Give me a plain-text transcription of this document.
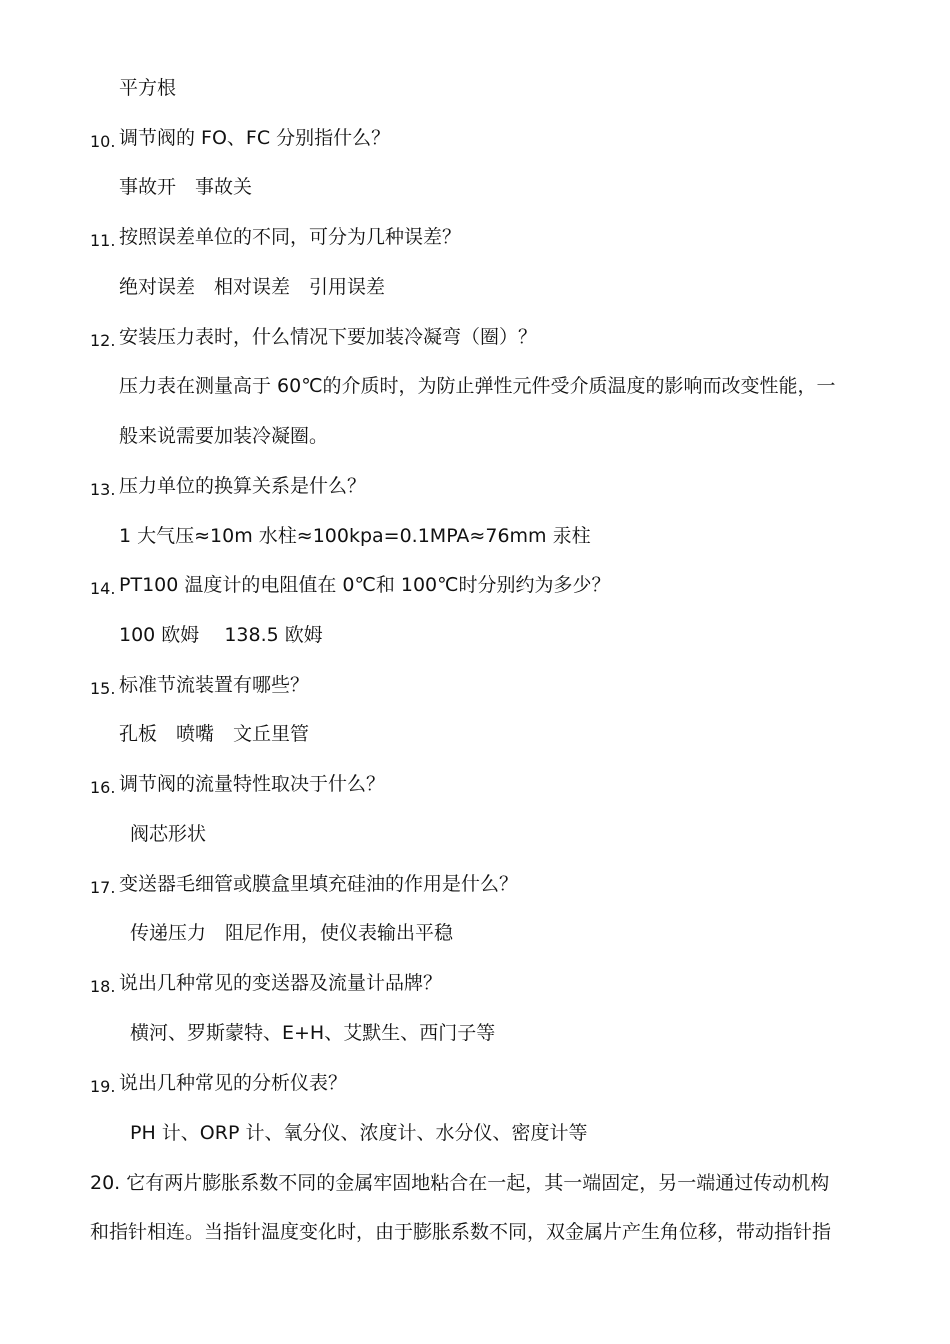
平方根
10. 调节阀的 FO、FC 分别指什么？
事故开　事故关
11. 按照误差单位的不同，可分为几种误差？
绝对误差　相对误差　引用误差
12. 安装压力表时，什么情况下要加装冷凝弯（圈）？
压力表在测量高于 60℃的介质时，为防止弹性元件受介质温度的影响而改变性能，一
般来说需要加装冷凝圈。
13. 压力单位的换算关系是什么？
1 大气压≈10m 水柱≈100kpa=0.1MPA≈76mm 汞柱
14. PT100 温度计的电阻值在 0℃和 100℃时分别约为多少？
100 欧姆　 138.5 欧姆
15. 标准节流装置有哪些？
孔板　喷嘴　文丘里管
16. 调节阀的流量特性取决于什么？
阀芯形状
17. 变送器毛细管或膜盒里填充硅油的作用是什么？
传递压力　阻尼作用，使仪表输出平稳
18. 说出几种常见的变送器及流量计品牌？
横河、罗斯蒙特、E+H、艾默生、西门子等
19. 说出几种常见的分析仪表？
PH 计、ORP 计、氧分仪、浓度计、水分仪、密度计等
20. 它有两片膨胀系数不同的金属牢固地粘合在一起，其一端固定，另一端通过传动机构
和指针相连。当指针温度变化时，由于膨胀系数不同，双金属片产生角位移，带动指针指
